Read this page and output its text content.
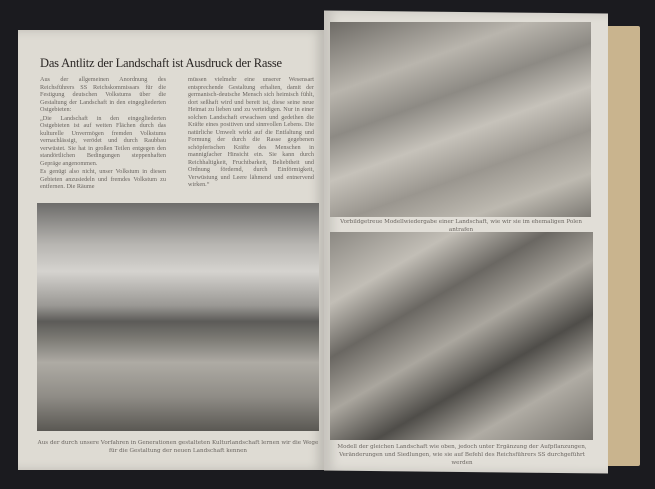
Das Antlitz der Landschaft ist Ausdruck der Rasse

Aus der allgemeinen Anordnung des Reichsführers SS Reichskommissars für die Festigung deutschen Volkstums über die Gestaltung der Landschaft in den eingegliederten Ostgebieten:

„Die Landschaft in den eingegliederten Ostgebieten ist auf weiten Flächen durch das kulturelle Unvermögen fremden Volkstums vernachlässigt, verödet und durch Raubbau verwüstet. Sie hat in großen Teilen entgegen den standörtlichen Bedingungen steppenhaften Gepräge angenommen.

Es genügt also nicht, unser Volkstum in diesen Gebieten anzusiedeln und fremdes Volkstum zu entfernen. Die Räume

müssen vielmehr eine unserer Wesensart entsprechende Gestaltung erhalten, damit der germanisch-deutsche Mensch sich heimisch fühlt, dort seßhaft wird und bereit ist, diese seine neue Heimat zu lieben und zu verteidigen. Nur in einer solchen Landschaft erwachsen und gedeihen die Kräfte eines positiven und sinnvollen Lebens. Die natürliche Umwelt wirkt auf die Entfaltung und Formung der durch die Rasse gegebenen schöpferischen Kräfte des Menschen in mannigfacher Hinsicht ein. Sie kann durch Reichhaltigkeit, Fruchtbarkeit, Beliebtheit und Ordnung fördernd, durch Einförmigkeit, Verwüstung und Leere lähmend und entnervend wirken.“

Aus der durch unsere Vorfahren in Generationen gestalteten Kulturlandschaft lernen wir die Wege für die Gestaltung der neuen Landschaft kennen
Vorbildgetreue Modellwiedergabe einer Landschaft, wie wir sie im ehemaligen Polen antrafen
Modell der gleichen Landschaft wie oben, jedoch unter Ergänzung der Aufpflanzungen, Veränderungen und Siedlungen, wie sie auf Befehl des Reichsführers SS durchgeführt werden
